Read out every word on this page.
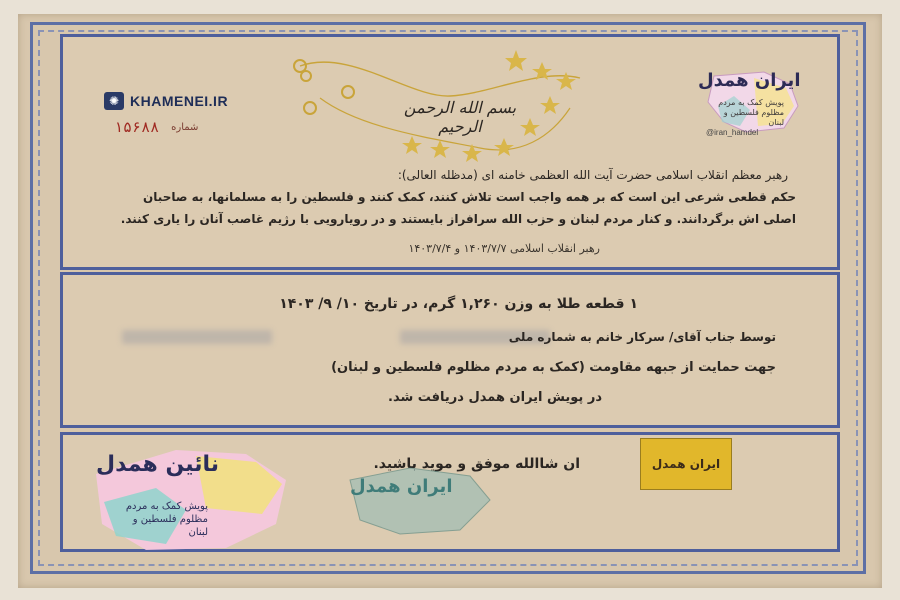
✺ KHAMENEI.IR
۱۵۶۸۸ شماره
ایران همدل
پویش کمک به مردم مظلوم فلسطین و لبنان
@iran_hamdel
بسم الله الرحمن الرحیم
رهبر معظم انقلاب اسلامی حضرت آیت الله العظمی خامنه ای (مدظله العالی):
حکم قطعی شرعی این است که بر همه واجب است تلاش کنند، کمک کنند و فلسطین را به مسلمانها، به صاحبان
اصلی اش برگردانند. و کنار مردم لبنان و حزب الله سرافراز بایستند و در رویارویی با رژیم غاصب آنان را یاری کنند.
رهبر انقلاب اسلامی ۱۴۰۳/۷/۷ و ۱۴۰۳/۷/۴
۱ قطعه طلا به وزن ۱,۲۶۰ گرم، در تاریخ ۱۰/ ۹/ ۱۴۰۳
توسط جناب آقای/ سرکار خانم به شماره ملی
جهت حمایت از جبهه مقاومت (کمک به مردم مظلوم فلسطین و لبنان)
در پویش ایران همدل دریافت شد.
ان شاالله موفق و موید باشید.
ایران همدل
ایران همدل
نائین همدل
پویش کمک به مردم مظلوم فلسطین و لبنان
